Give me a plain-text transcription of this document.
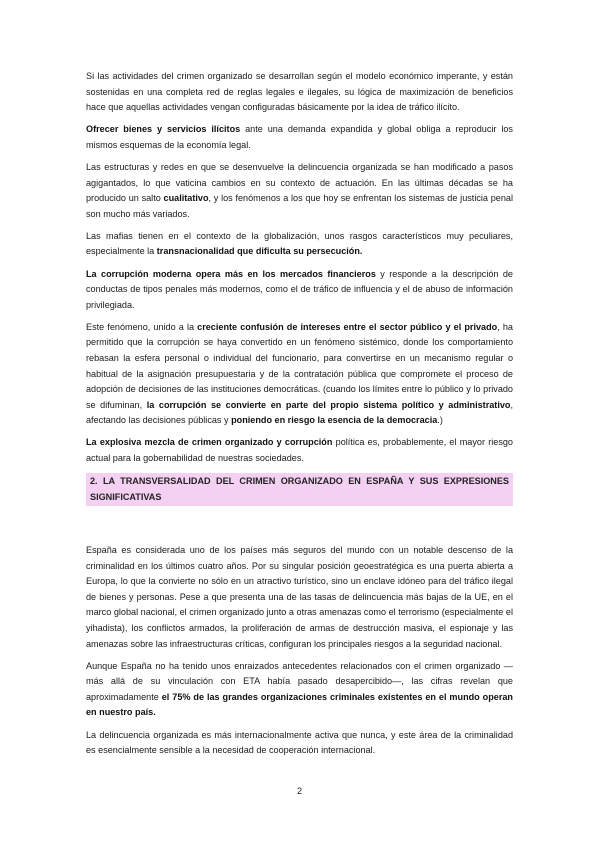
Si las actividades del crimen organizado se desarrollan según el modelo económico imperante, y están sostenidas en una completa red de reglas legales e ilegales, su lógica de maximización de beneficios hace que aquellas actividades vengan configuradas básicamente por la idea de tráfico ilícito.

Ofrecer bienes y servicios ilícitos ante una demanda expandida y global obliga a reproducir los mismos esquemas de la economía legal.

Las estructuras y redes en que se desenvuelve la delincuencia organizada se han modificado a pasos agigantados, lo que vaticina cambios en su contexto de actuación. En las últimas décadas se ha producido un salto cualitativo, y los fenómenos a los que hoy se enfrentan los sistemas de justicia penal son mucho más variados.

Las mafias tienen en el contexto de la globalización, unos rasgos característicos muy peculiares, especialmente la transnacionalidad que dificulta su persecución.

La corrupción moderna opera más en los mercados financieros y responde a la descripción de conductas de tipos penales más modernos, como el de tráfico de influencia y el de abuso de información privilegiada.

Este fenómeno, unido a la creciente confusión de intereses entre el sector público y el privado, ha permitido que la corrupción se haya convertido en un fenómeno sistémico, donde los comportamiento rebasan la esfera personal o individual del funcionario, para convertirse en un mecanismo regular o habitual de la asignación presupuestaria y de la contratación pública que compromete el proceso de adopción de decisiones de las instituciones democráticas. (cuando los límites entre lo público y lo privado se difuminan, la corrupción se convierte en parte del propio sistema político y administrativo, afectando las decisiones públicas y poniendo en riesgo la esencia de la democracia.)

La explosiva mezcla de crimen organizado y corrupción política es, probablemente, el mayor riesgo actual para la gobernabilidad de nuestras sociedades.

2. LA TRANSVERSALIDAD DEL CRIMEN ORGANIZADO EN ESPAÑA Y SUS EXPRESIONES SIGNIFICATIVAS

España es considerada uno de los países más seguros del mundo con un notable descenso de la criminalidad en los últimos cuatro años. Por su singular posición geoestratégica es una puerta abierta a Europa, lo que la convierte no sólo en un atractivo turístico, sino un enclave idóneo para del tráfico ilegal de bienes y personas. Pese a que presenta una de las tasas de delincuencia más bajas de la UE, en el marco global nacional, el crimen organizado junto a otras amenazas como el terrorismo (especialmente el yihadista), los conflictos armados, la proliferación de armas de destrucción masiva, el espionaje y las amenazas sobre las infraestructuras críticas, configuran los principales riesgos a la seguridad nacional.

Aunque España no ha tenido unos enraizados antecedentes relacionados con el crimen organizado —más allá de su vinculación con ETA había pasado desapercibido—, las cifras revelan que aproximadamente el 75% de las grandes organizaciones criminales existentes en el mundo operan en nuestro país.

La delincuencia organizada es más internacionalmente activa que nunca, y este área de la criminalidad es esencialmente sensible a la necesidad de cooperación internacional.

2
